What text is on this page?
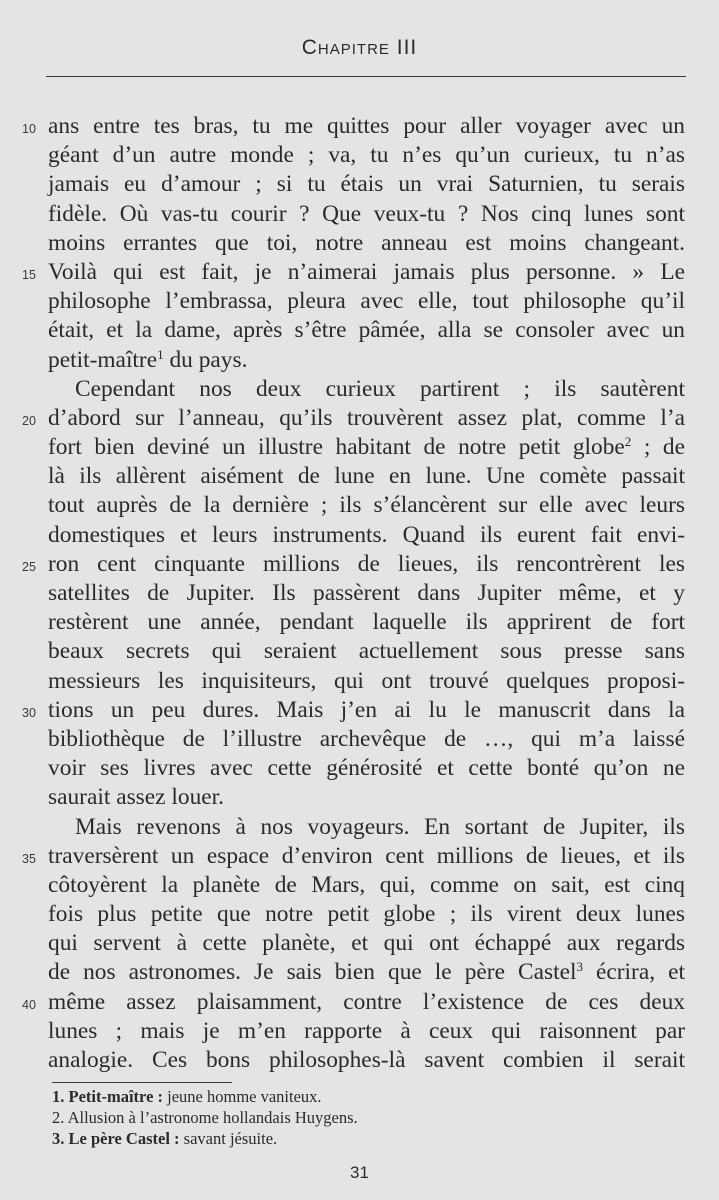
Chapitre III
10
15
20
25
30
35
40
ans entre tes bras, tu me quittes pour aller voyager avec un
géant d’un autre monde ; va, tu n’es qu’un curieux, tu n’as
jamais eu d’amour ; si tu étais un vrai Saturnien, tu serais
fidèle. Où vas-tu courir ? Que veux-tu ? Nos cinq lunes sont
moins errantes que toi, notre anneau est moins changeant.
Voilà qui est fait, je n’aimerai jamais plus personne. » Le
philosophe l’embrassa, pleura avec elle, tout philosophe qu’il
était, et la dame, après s’être pâmée, alla se consoler avec un
petit-maître$^1$ du pays.
Cependant nos deux curieux partirent ; ils sautèrent
d’abord sur l’anneau, qu’ils trouvèrent assez plat, comme l’a
fort bien deviné un illustre habitant de notre petit globe$^2$ ; de
là ils allèrent aisément de lune en lune. Une comète passait
tout auprès de la dernière ; ils s’élancèrent sur elle avec leurs
domestiques et leurs instruments. Quand ils eurent fait envi-
ron cent cinquante millions de lieues, ils rencontrèrent les
satellites de Jupiter. Ils passèrent dans Jupiter même, et y
restèrent une année, pendant laquelle ils apprirent de fort
beaux secrets qui seraient actuellement sous presse sans
messieurs les inquisiteurs, qui ont trouvé quelques proposi-
tions un peu dures. Mais j’en ai lu le manuscrit dans la
bibliothèque de l’illustre archevêque de …, qui m’a laissé
voir ses livres avec cette générosité et cette bonté qu’on ne
saurait assez louer.
Mais revenons à nos voyageurs. En sortant de Jupiter, ils
traversèrent un espace d’environ cent millions de lieues, et ils
côtoyèrent la planète de Mars, qui, comme on sait, est cinq
fois plus petite que notre petit globe ; ils virent deux lunes
qui servent à cette planète, et qui ont échappé aux regards
de nos astronomes. Je sais bien que le père Castel$^3$ écrira, et
même assez plaisamment, contre l’existence de ces deux
lunes ; mais je m’en rapporte à ceux qui raisonnent par
analogie. Ces bons philosophes-là savent combien il serait
1. Petit-maître : jeune homme vaniteux.
2. Allusion à l’astronome hollandais Huygens.
3. Le père Castel : savant jésuite.
31
